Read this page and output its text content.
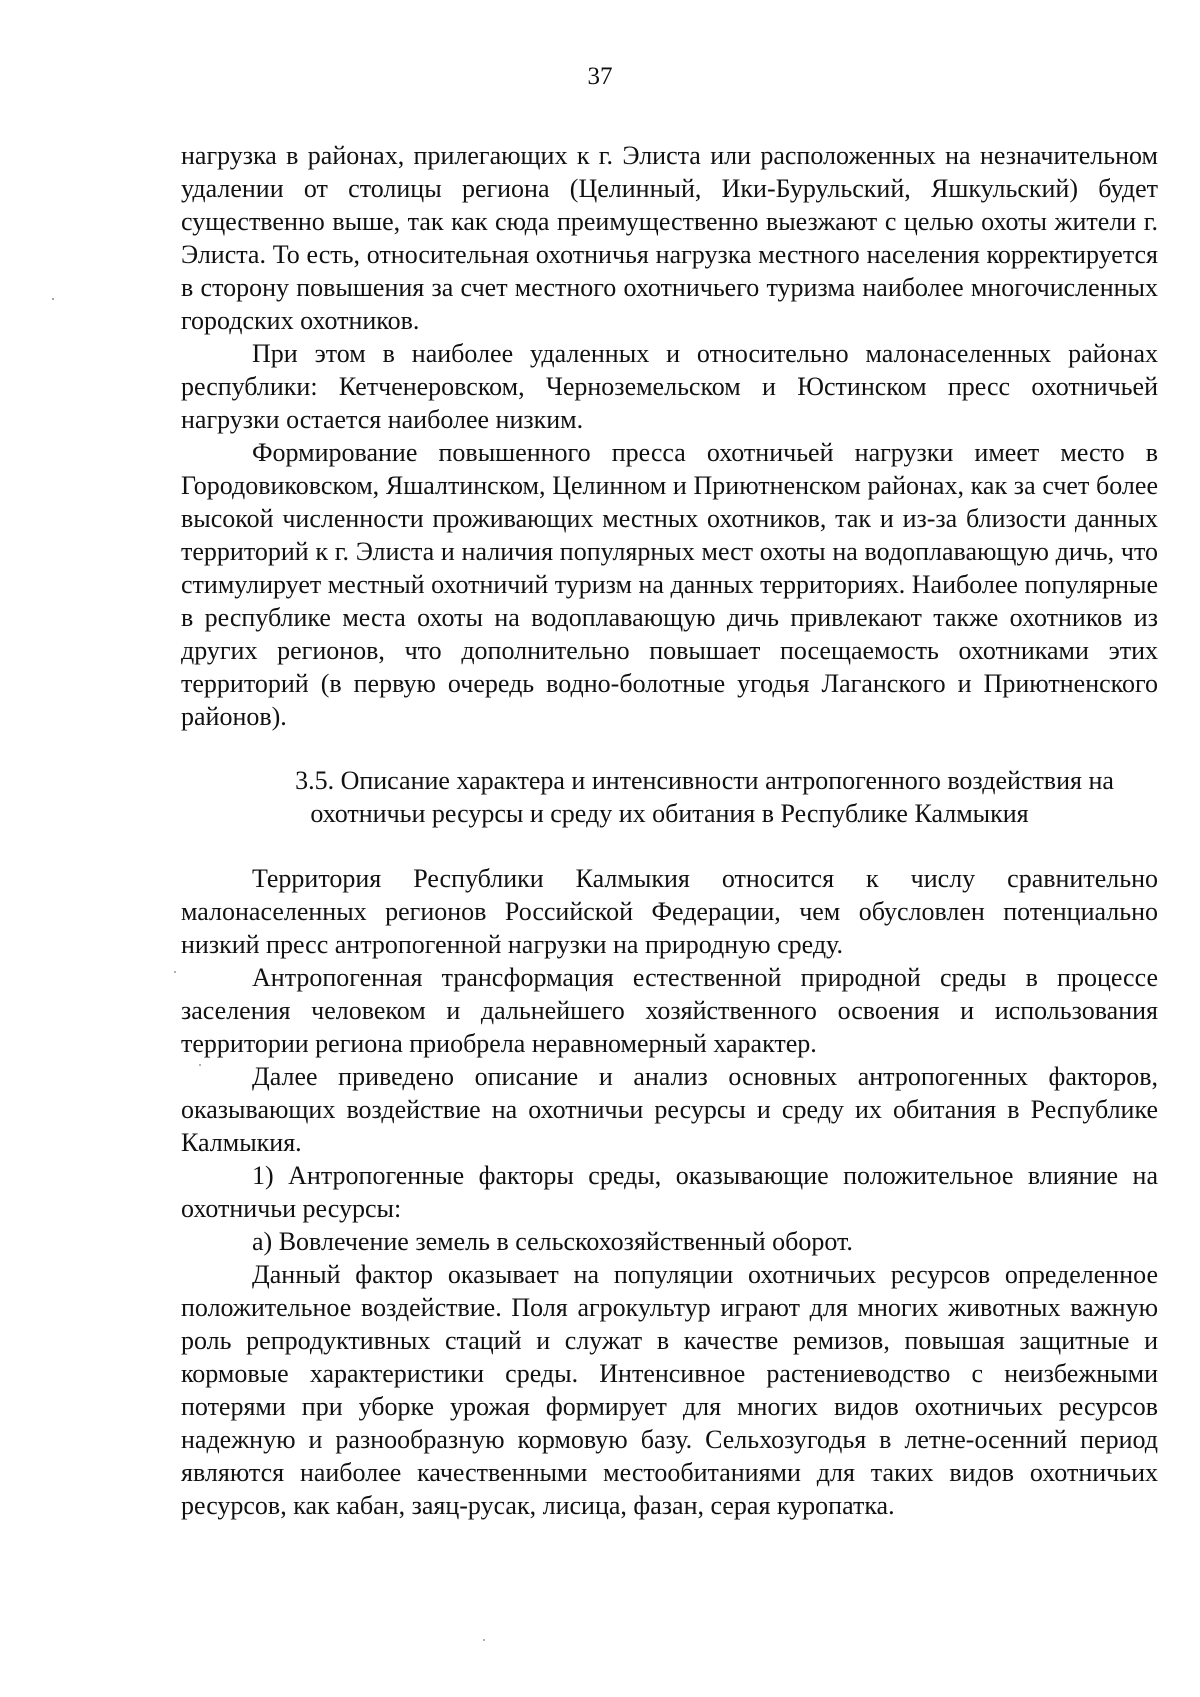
37

нагрузка в районах, прилегающих к г. Элиста или расположенных на незначительном удалении от столицы региона (Целинный, Ики-Бурульский, Яшкульский) будет существенно выше, так как сюда преимущественно выезжают с целью охоты жители г. Элиста. То есть, относительная охотничья нагрузка местного населения корректируется в сторону повышения за счет местного охотничьего туризма наиболее многочисленных городских охотников.

При этом в наиболее удаленных и относительно малонаселенных районах республики: Кетченеровском, Черноземельском и Юстинском пресс охотничьей нагрузки остается наиболее низким.

Формирование повышенного пресса охотничьей нагрузки имеет место в Городовиковском, Яшалтинском, Целинном и Приютненском районах, как за счет более высокой численности проживающих местных охотников, так и из-за близости данных территорий к г. Элиста и наличия популярных мест охоты на водоплавающую дичь, что стимулирует местный охотничий туризм на данных территориях. Наиболее популярные в республике места охоты на водоплавающую дичь привлекают также охотников из других регионов, что дополнительно повышает посещаемость охотниками этих территорий (в первую очередь водно-болотные угодья Лаганского и Приютненского районов).

3.5. Описание характера и интенсивности антропогенного воздействия на
охотничьи ресурсы и среду их обитания в Республике Калмыкия

Территория Республики Калмыкия относится к числу сравнительно малонаселенных регионов Российской Федерации, чем обусловлен потенциально низкий пресс антропогенной нагрузки на природную среду.

Антропогенная трансформация естественной природной среды в процессе заселения человеком и дальнейшего хозяйственного освоения и использования территории региона приобрела неравномерный характер.

Далее приведено описание и анализ основных антропогенных факторов, оказывающих воздействие на охотничьи ресурсы и среду их обитания в Республике Калмыкия.

1) Антропогенные факторы среды, оказывающие положительное влияние на охотничьи ресурсы:

а) Вовлечение земель в сельскохозяйственный оборот.

Данный фактор оказывает на популяции охотничьих ресурсов определенное положительное воздействие. Поля агрокультур играют для многих животных важную роль репродуктивных стаций и служат в качестве ремизов, повышая защитные и кормовые характеристики среды. Интенсивное растениеводство с неизбежными потерями при уборке урожая формирует для многих видов охотничьих ресурсов надежную и разнообразную кормовую базу. Сельхозугодья в летне-осенний период являются наиболее качественными местообитаниями для таких видов охотничьих ресурсов, как кабан, заяц-русак, лисица, фазан, серая куропатка.
